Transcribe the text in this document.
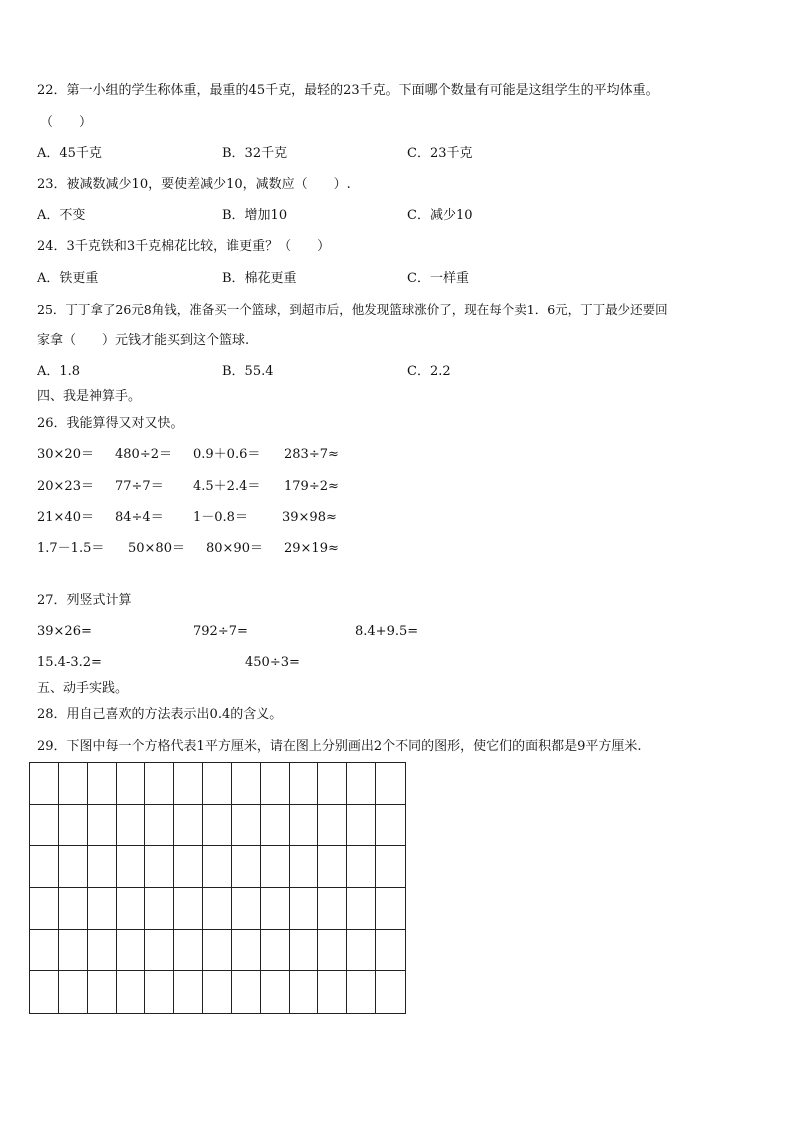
22．第一小组的学生称体重，最重的45千克，最轻的23千克。下面哪个数量有可能是这组学生的平均体重。
（　　）
A．45千克	B．32千克	C．23千克
23．被减数减少10，要使差减少10，减数应（　　）.
A．不变	B．增加10	C．减少10
24．3千克铁和3千克棉花比较，谁更重？（　　）
A．铁更重	B．棉花更重	C．一样重
25．丁丁拿了26元8角钱，准备买一个篮球，到超市后，他发现篮球涨价了，现在每个卖1．6元，丁丁最少还要回
家拿（　　）元钱才能买到这个篮球.
A．1.8	B．55.4	C．2.2
四、我是神算手。
26．我能算得又对又快。
30×20＝ 480÷2＝ 0.9＋0.6＝ 283÷7≈
20×23＝ 77÷7＝ 4.5＋2.4＝ 179÷2≈
21×40＝ 84÷4＝ 1－0.8＝	39×98≈
1.7－1.5＝ 50×80＝ 80×90＝ 29×19≈
27．列竖式计算
39×26=	792÷7=	8.4+9.5=
15.4-3.2=	450÷3=
五、动手实践。
28．用自己喜欢的方法表示出0.4的含义。
29．下图中每一个方格代表1平方厘米，请在图上分别画出2个不同的图形，使它们的面积都是9平方厘米.
